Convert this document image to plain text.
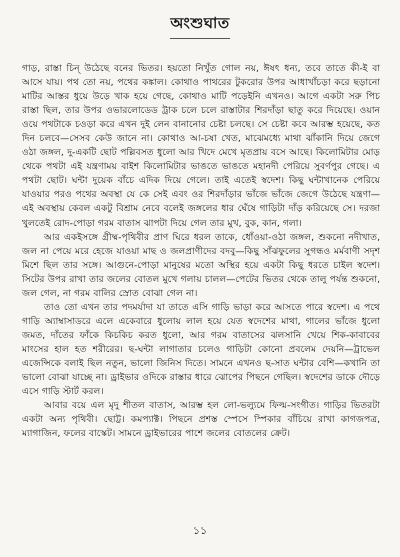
অংশুঘাত

গাড়, রাস্তা চিন্‌ উঠেছে বনের ভিতর। হয়তো নিখুঁত গোল নয়, ঈষৎ ধন্য, তবে তাতে কী-ই বা আসে যায়। পথ তো নয়, পথের কঙ্কাল। কোথাও পাথরের টুকরোর উপর আধাখাঁচড়া করে ছড়ানো মাটির আস্তর ধুয়ে উড়ে খাক হয়ে গেছে, কোথাও মাটি পড়েইনি এখনও। আগে একটা সরু পিচ রাস্তা ছিল, তার উপর ওভারলোডেড ট্রাক চলে চলে রাস্তাটার শিরদাঁড়া ছাতু করে দিয়েছে। ওয়ান ওয়ে পথটাকে চওড়া করে এখন দুই লেন বানানোর চেষ্টা চলছে। সে চেষ্টা কবে আরম্ভ হয়েছে, কত দিন চলবে—সেসব কেউ জানে না। কোথাও আ-চষা খেত, মাঝেমধ্যে মাথা ঝাঁকানি দিয়ে জেগে ওঠা জঙ্গল, দু-একটি ছোট পল্লিবসত ধুলো আর খিদে মেখে মৃতপ্রায় বসে আছে। কিলোমিটার মোড় থেকে পথটা এই যন্ত্রণাময় বাইশ কিলোমিটার ভাঙতে ভাঙতে মহানদী পেরিয়ে সুবর্ণপুর গেছে। এ পথটা ছোট। ঘন্টা দুয়েক বাঁচে এদিক দিয়ে গেলে। তাই এতেই স্বদেশ। কিছু ঘন্টাখানেক পেরিয়ে যাওয়ার পরও পথের অবস্থা যে কে সেই এবং ওর শিরদাঁড়ার ভাঁজে ভাঁজে জেগে উঠেছে যন্ত্রণা—এই অবস্থায় কেবল একটু বিশ্রাম নেবে বলেই জঙ্গলের ধার ঘেঁষে গাড়িটা দাঁড় করিয়েছে সে। দরজা খুলতেই রোদ-পোড়া গরম বাতাস ঝাপটা দিয়ে গেল তার মুখ, বুক, কান, গলা।

আর একইসঙ্গে গ্রীষ্ম-পৃথিবীর প্রাণ ঘিরে ধরল তাকে, ধোঁওয়া-ওঠা জঙ্গল, শুকনো নদীখাত, জল না পেয়ে মরে হেজে যাওয়া মাছ ও জলপ্রাণীদের বদবু—কিছু সাঁঝফুলের সুগন্ধও মর্মবাণী সদৃশ মিশে ছিল তার সঙ্গে। আগুনে-পোড়া মানুষের মতো অস্থির হয়ে একটা কিছু ধরতে চাইল স্বদেশ। সিটের উপর রাখা তার জলের বোতল মুখে গলায় চালল—পেটের ভিতর থেকে তালু পর্যন্ত শুকনো, জল গেল, না গরম বালির স্রোত বোঝা গেল না।

তাও তো এখন তার পদমর্যাদা যা তাতে এসি গাড়ি ভাড়া করে আসতে পারে স্বদেশ। এ পথে গাড়ি অ্যাম্বাসাডরে এলে একেবারে ধুলোয় লাল হয়ে যেত স্বদেশের মাথা, গালের ভাঁজে ধুলো জমত, দাঁতের ফাঁকে কিচকিচ করত ধুলো, আর গরম বাতাসের ঝলসানি খেয়ে শিক-কাবাবের মাংসের হাল হত শরীরের। ছ-ঘন্টা লাগাতার চলেও গাড়িটা কোনো প্রবলেম দেয়নি—ট্রাভেল এজেন্সিকে বলাই ছিল নতুন, ভালো জিনিস দিতে। সামনে এখনও ছ-সাত ঘন্টার বেশি—কখানি তা ভালো বোঝা যাচ্ছে না। ড্রাইভার ওদিকে রাস্তার ধারে ঝোপের পিছনে গেছিল। স্বদেশের ডাকে দৌড়ে এসে গাড়ি স্টার্ট করল।

আবার বয়ে এল মৃদু শীতল বাতাস, আরম্ভ হল লো-ভল্যুমে ফিল্ম-সংগীত। গাড়ির ভিতরটা একটা অন্য পৃথিবী। ছোট্ট। কমপ্যাক্ট। পিছনে প্রশস্ত স্পেসে স্পিকার বাঁচিয়ে রাখা কাগজপত্র, ম্যাগাজিন, ফলের বাস্কেট। সামনে ড্রাইভারের পাশে জলের বোতলের ক্রেট।

১১
